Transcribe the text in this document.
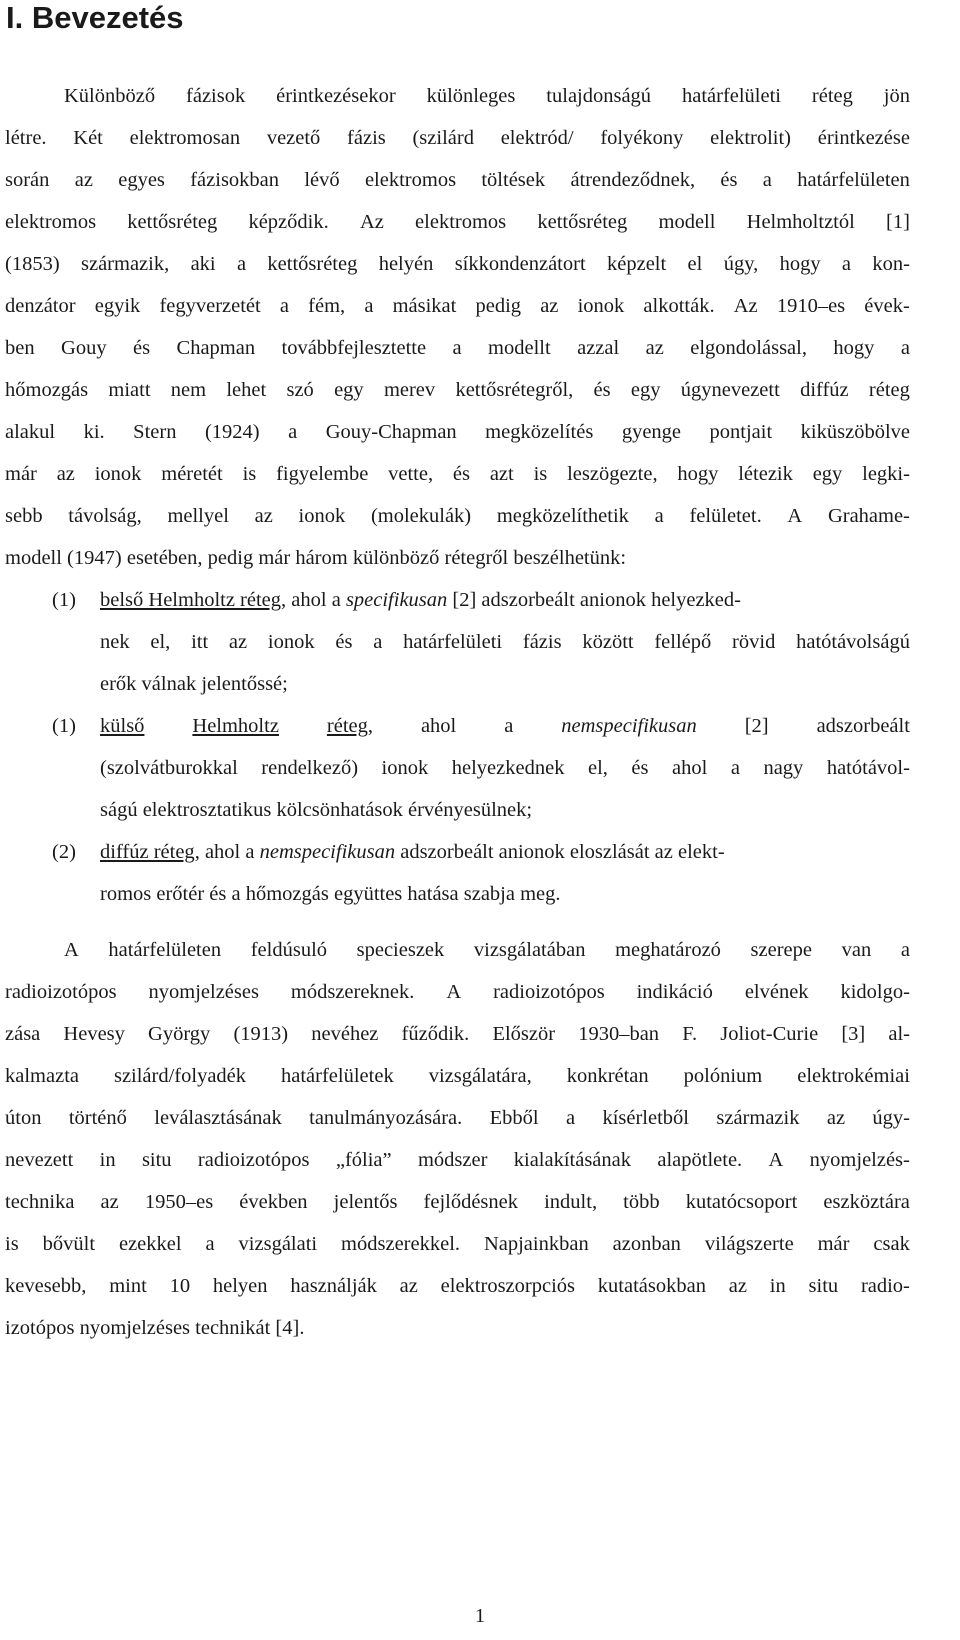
I. Bevezetés
Különböző fázisok érintkezésekor különleges tulajdonságú határfelületi réteg jön
létre. Két elektromosan vezető fázis (szilárd elektród/ folyékony elektrolit) érintkezése
során az egyes fázisokban lévő elektromos töltések átrendeződnek, és a határfelületen
elektromos kettősréteg képződik. Az elektromos kettősréteg modell Helmholtztól [1]
(1853) származik, aki a kettősréteg helyén síkkondenzátort képzelt el úgy, hogy a kon-
denzátor egyik fegyverzetét a fém, a másikat pedig az ionok alkották. Az 1910–es évek-
ben Gouy és Chapman továbbfejlesztette a modellt azzal az elgondolással, hogy a
hőmozgás miatt nem lehet szó egy merev kettősrétegről, és egy úgynevezett diffúz réteg
alakul ki. Stern (1924) a Gouy-Chapman megközelítés gyenge pontjait kiküszöbölve
már az ionok méretét is figyelembe vette, és azt is leszögezte, hogy létezik egy legki-
sebb távolság, mellyel az ionok (molekulák) megközelíthetik a felületet. A Grahame-
modell (1947) esetében, pedig már három különböző rétegről beszélhetünk:
(1) belső Helmholtz réteg, ahol a specifikusan [2] adszorbeált anionok helyezked-
nek el, itt az ionok és a határfelületi fázis között fellépő rövid hatótávolságú
erők válnak jelentőssé;
(1) külső Helmholtz réteg, ahol a nemspecifikusan [2] adszorbeált
(szolvátburokkal rendelkező) ionok helyezkednek el, és ahol a nagy hatótávol-
ságú elektrosztatikus kölcsönhatások érvényesülnek;
(2) diffúz réteg, ahol a nemspecifikusan adszorbeált anionok eloszlását az elekt-
romos erőtér és a hőmozgás együttes hatása szabja meg.
A határfelületen feldúsuló specieszek vizsgálatában meghatározó szerepe van a
radioizotópos nyomjelzéses módszereknek. A radioizotópos indikáció elvének kidolgo-
zása Hevesy György (1913) nevéhez fűződik. Először 1930–ban F. Joliot-Curie [3] al-
kalmazta szilárd/folyadék határfelületek vizsgálatára, konkrétan polónium elektrokémiai
úton történő leválasztásának tanulmányozására. Ebből a kísérletből származik az úgy-
nevezett in situ radioizotópos „fólia” módszer kialakításának alapötlete. A nyomjelzés-
technika az 1950–es években jelentős fejlődésnek indult, több kutatócsoport eszköztára
is bővült ezekkel a vizsgálati módszerekkel. Napjainkban azonban világszerte már csak
kevesebb, mint 10 helyen használják az elektroszorpciós kutatásokban az in situ radio-
izotópos nyomjelzéses technikát [4].
1
